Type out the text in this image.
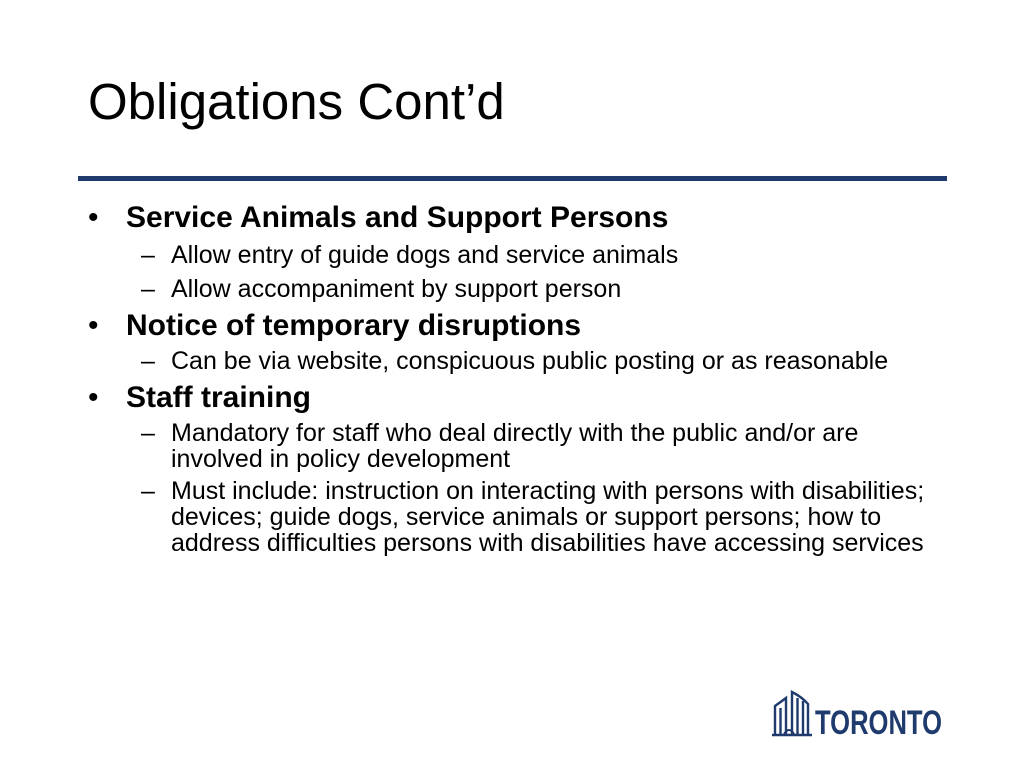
Obligations Cont’d

• Service Animals and Support Persons

– Allow entry of guide dogs and service animals

– Allow accompaniment by support person

• Notice of temporary disruptions

– Can be via website, conspicuous public posting or as reasonable

• Staff training

– Mandatory for staff who deal directly with the public and/or are involved in policy development

– Must include: instruction on interacting with persons with disabilities; devices; guide dogs, service animals or support persons; how to address difficulties persons with disabilities have accessing services

TORONTO
